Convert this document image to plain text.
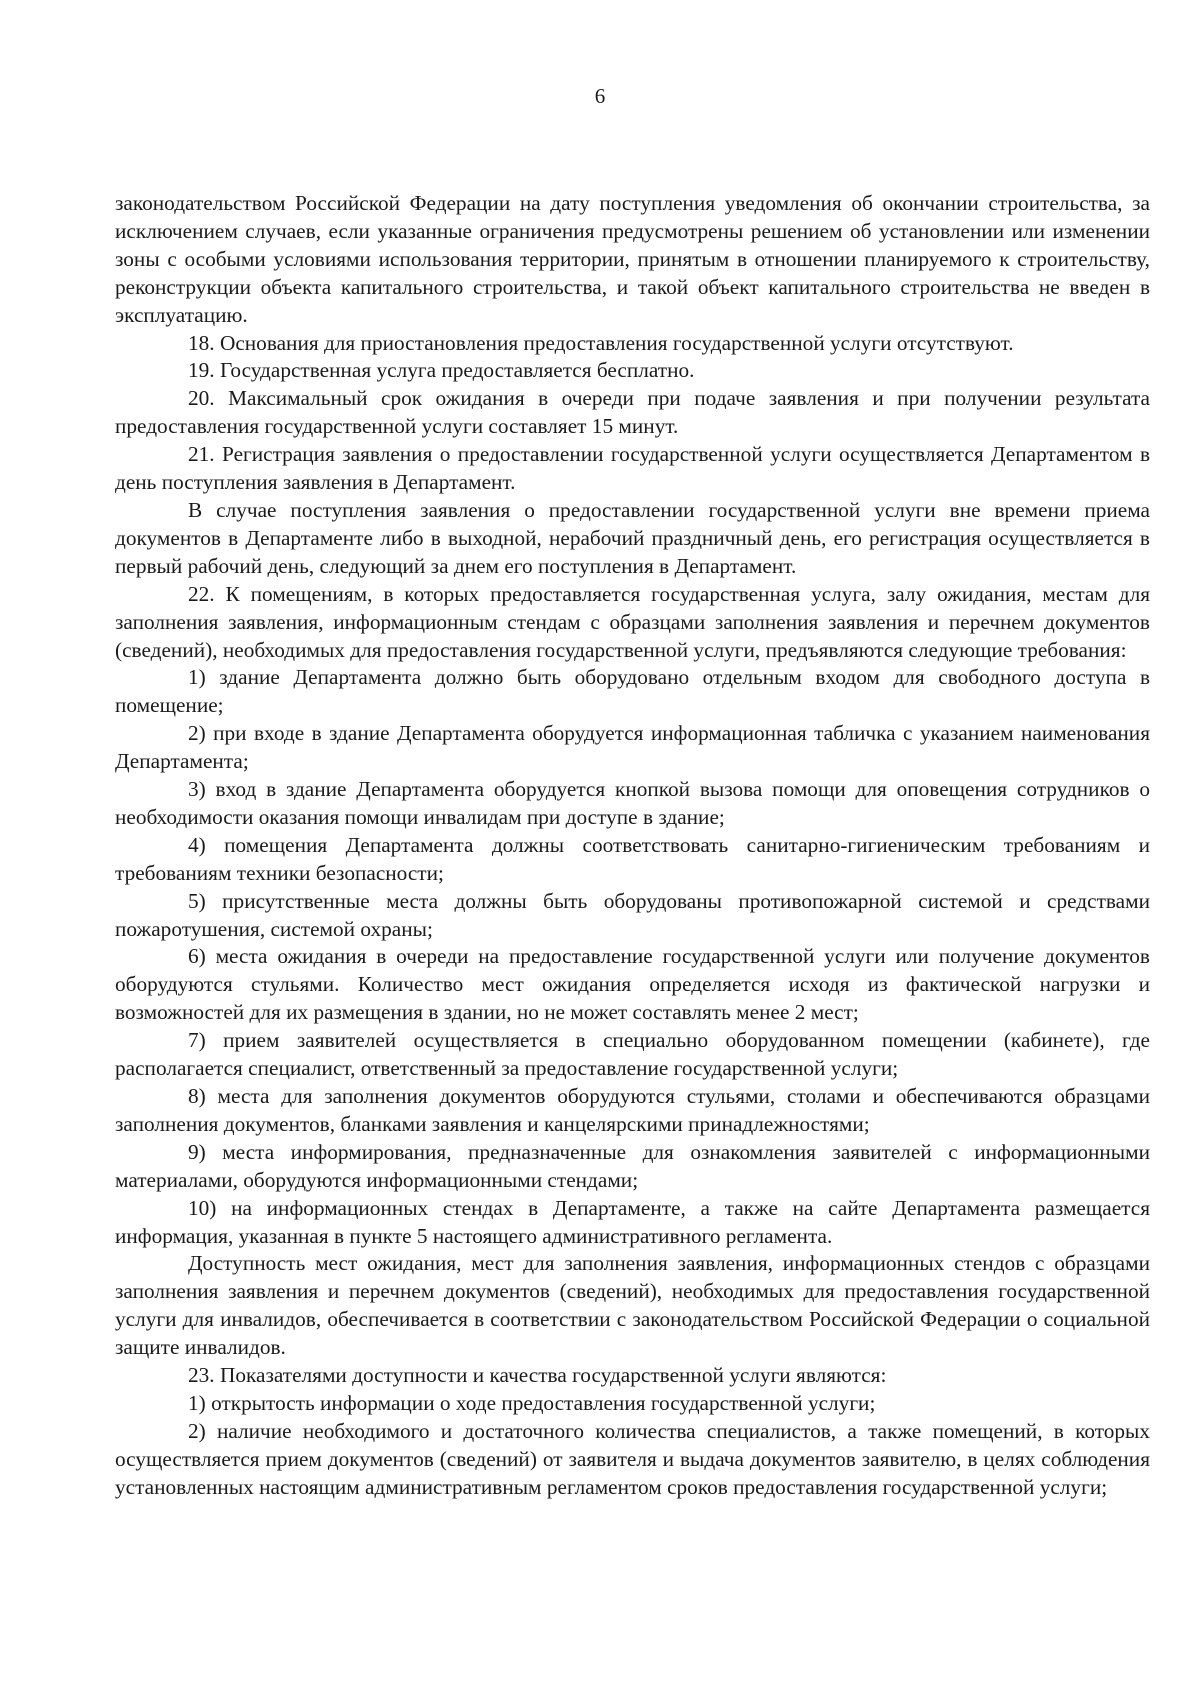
6

законодательством Российской Федерации на дату поступления уведомления об окончании строительства, за исключением случаев, если указанные ограничения предусмотрены решением об установлении или изменении зоны с особыми условиями использования территории, принятым в отношении планируемого к строительству, реконструкции объекта капитального строительства, и такой объект капитального строительства не введен в эксплуатацию.

18. Основания для приостановления предоставления государственной услуги отсутствуют.

19. Государственная услуга предоставляется бесплатно.

20. Максимальный срок ожидания в очереди при подаче заявления и при получении результата предоставления государственной услуги составляет 15 минут.

21. Регистрация заявления о предоставлении государственной услуги осуществляется Департаментом в день поступления заявления в Департамент.

В случае поступления заявления о предоставлении государственной услуги вне времени приема документов в Департаменте либо в выходной, нерабочий праздничный день, его регистрация осуществляется в первый рабочий день, следующий за днем его поступления в Департамент.

22. К помещениям, в которых предоставляется государственная услуга, залу ожидания, местам для заполнения заявления, информационным стендам с образцами заполнения заявления и перечнем документов (сведений), необходимых для предоставления государственной услуги, предъявляются следующие требования:

1) здание Департамента должно быть оборудовано отдельным входом для свободного доступа в помещение;

2) при входе в здание Департамента оборудуется информационная табличка с указанием наименования Департамента;

3) вход в здание Департамента оборудуется кнопкой вызова помощи для оповещения сотрудников о необходимости оказания помощи инвалидам при доступе в здание;

4) помещения Департамента должны соответствовать санитарно-гигиеническим требованиям и требованиям техники безопасности;

5) присутственные места должны быть оборудованы противопожарной системой и средствами пожаротушения, системой охраны;

6) места ожидания в очереди на предоставление государственной услуги или получение документов оборудуются стульями. Количество мест ожидания определяется исходя из фактической нагрузки и возможностей для их размещения в здании, но не может составлять менее 2 мест;

7) прием заявителей осуществляется в специально оборудованном помещении (кабинете), где располагается специалист, ответственный за предоставление государственной услуги;

8) места для заполнения документов оборудуются стульями, столами и обеспечиваются образцами заполнения документов, бланками заявления и канцелярскими принадлежностями;

9) места информирования, предназначенные для ознакомления заявителей с информационными материалами, оборудуются информационными стендами;

10) на информационных стендах в Департаменте, а также на сайте Департамента размещается информация, указанная в пункте 5 настоящего административного регламента.

Доступность мест ожидания, мест для заполнения заявления, информационных стендов с образцами заполнения заявления и перечнем документов (сведений), необходимых для предоставления государственной услуги для инвалидов, обеспечивается в соответствии с законодательством Российской Федерации о социальной защите инвалидов.

23. Показателями доступности и качества государственной услуги являются:

1) открытость информации о ходе предоставления государственной услуги;

2) наличие необходимого и достаточного количества специалистов, а также помещений, в которых осуществляется прием документов (сведений) от заявителя и выдача документов заявителю, в целях соблюдения установленных настоящим административным регламентом сроков предоставления государственной услуги;
